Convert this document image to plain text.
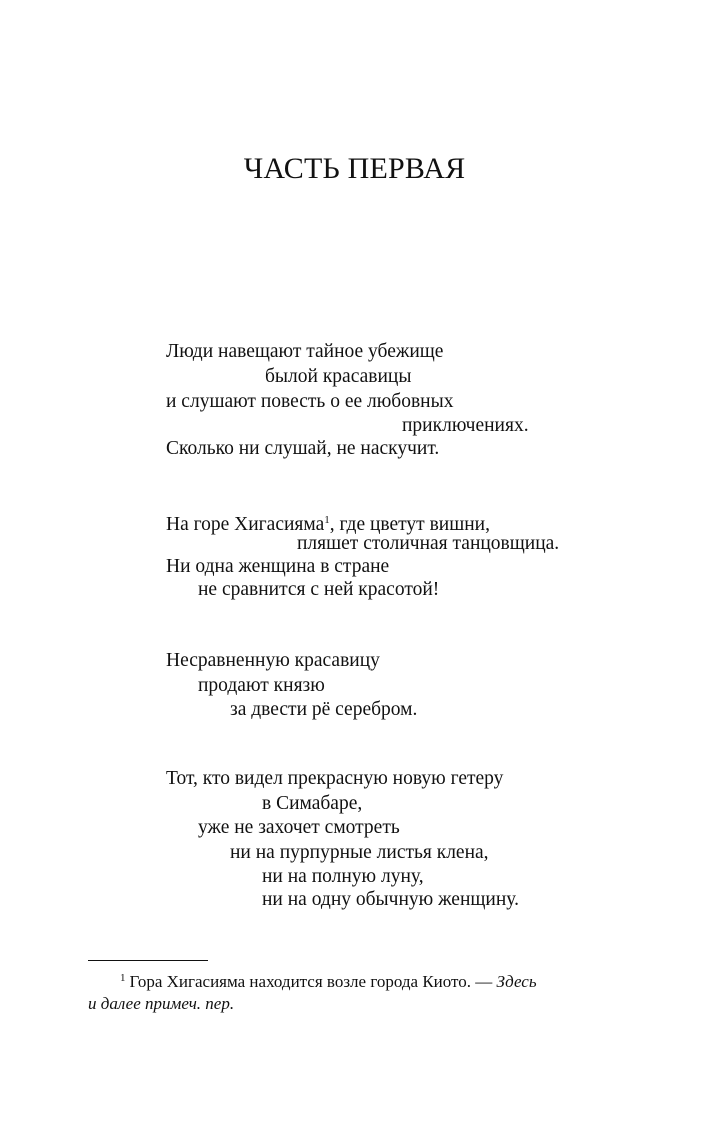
ЧАСТЬ ПЕРВАЯ

Люди навещают тайное убежище

былой красавицы

и слушают повесть о ее любовных

приключениях.

Сколько ни слушай, не наскучит.

На горе Хигасияма$^1$, где цветут вишни,

пляшет столичная танцовщица.

Ни одна женщина в стране

не сравнится с ней красотой!

Несравненную красавицу

продают князю

за двести рё серебром.

Тот, кто видел прекрасную новую гетеру

в Симабаре,

уже не захочет смотреть

ни на пурпурные листья клена,

ни на полную луну,

ни на одну обычную женщину.

$^1$ Гора Хигасияма находится возле города Киото. — Здесь

и далее примеч. пер.
